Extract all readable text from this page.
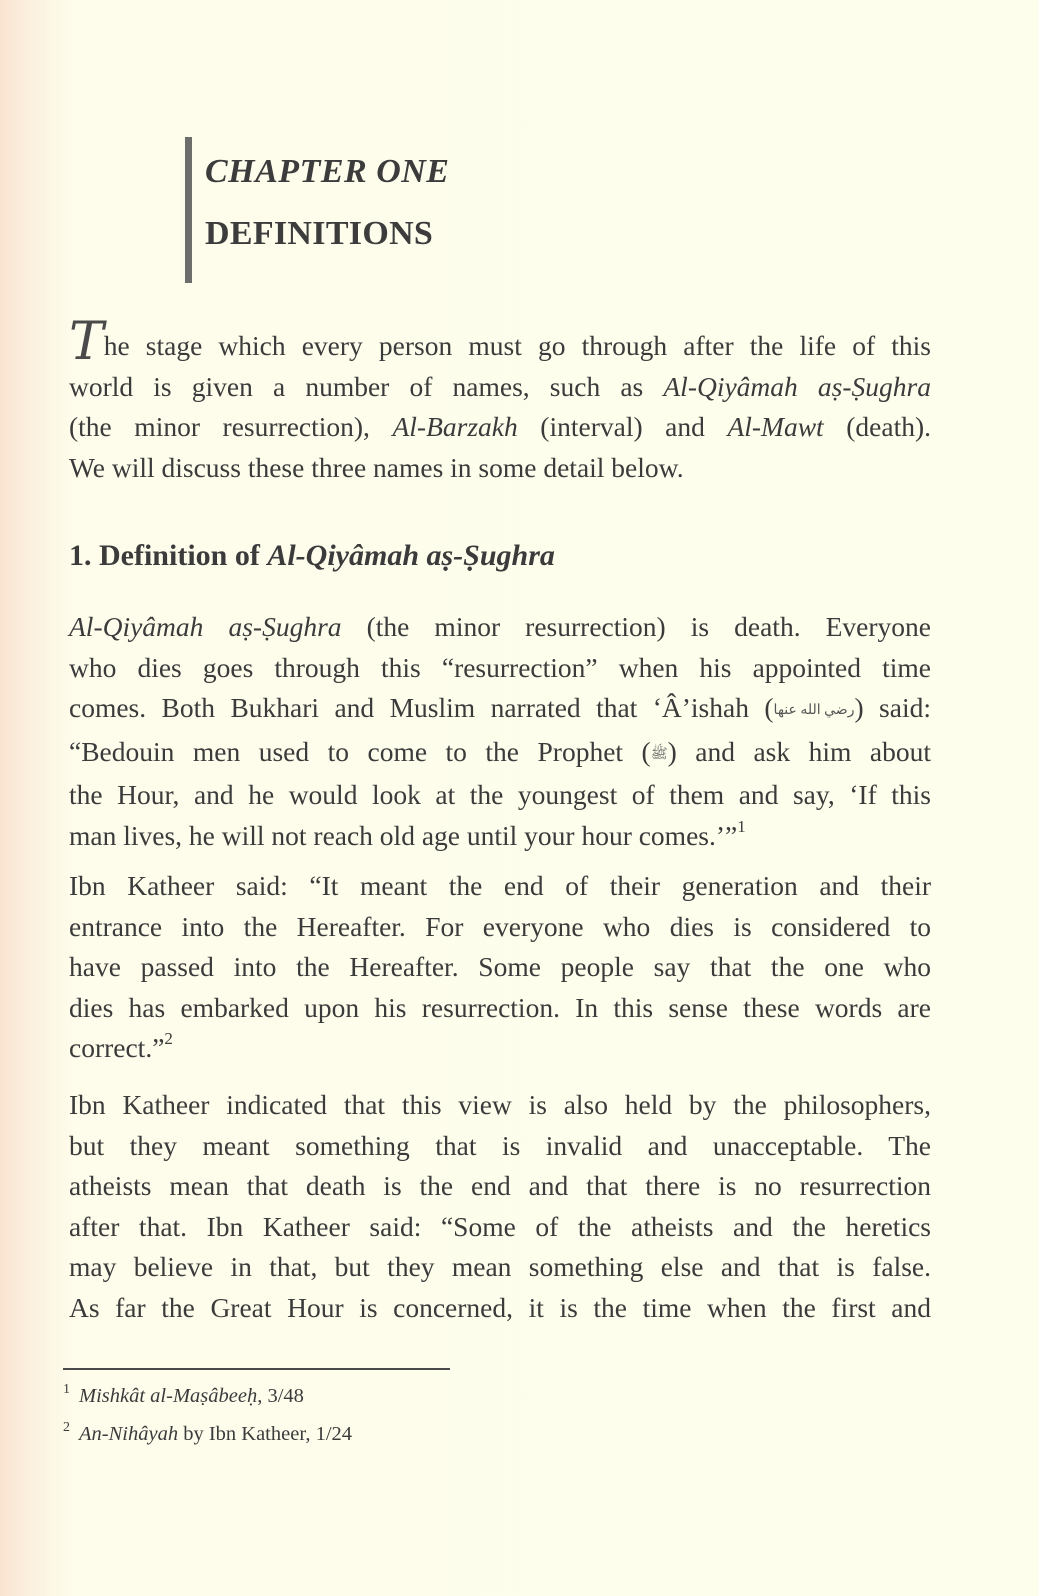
CHAPTER ONE
DEFINITIONS
The stage which every person must go through after the life of this
world is given a number of names, such as Al-Qiyâmah aṣ-Ṣughra
(the minor resurrection), Al-Barzakh (interval) and Al-Mawt (death).
We will discuss these three names in some detail below.
1. Definition of Al-Qiyâmah aṣ-Ṣughra
Al-Qiyâmah aṣ-Ṣughra (the minor resurrection) is death. Everyone
who dies goes through this “resurrection” when his appointed time
comes. Both Bukhari and Muslim narrated that ‘Â’ishah (رضي الله عنها) said:
“Bedouin men used to come to the Prophet (ﷺ) and ask him about
the Hour, and he would look at the youngest of them and say, ‘If this
man lives, he will not reach old age until your hour comes.’”$^1$
Ibn Katheer said: “It meant the end of their generation and their
entrance into the Hereafter. For everyone who dies is considered to
have passed into the Hereafter. Some people say that the one who
dies has embarked upon his resurrection. In this sense these words are
correct.”$^2$
Ibn Katheer indicated that this view is also held by the philosophers,
but they meant something that is invalid and unacceptable. The
atheists mean that death is the end and that there is no resurrection
after that. Ibn Katheer said: “Some of the atheists and the heretics
may believe in that, but they mean something else and that is false.
As far the Great Hour is concerned, it is the time when the first and
$^1$ Mishkât al-Maṣâbeeḥ, 3/48
$^2$ An-Nihâyah by Ibn Katheer, 1/24
